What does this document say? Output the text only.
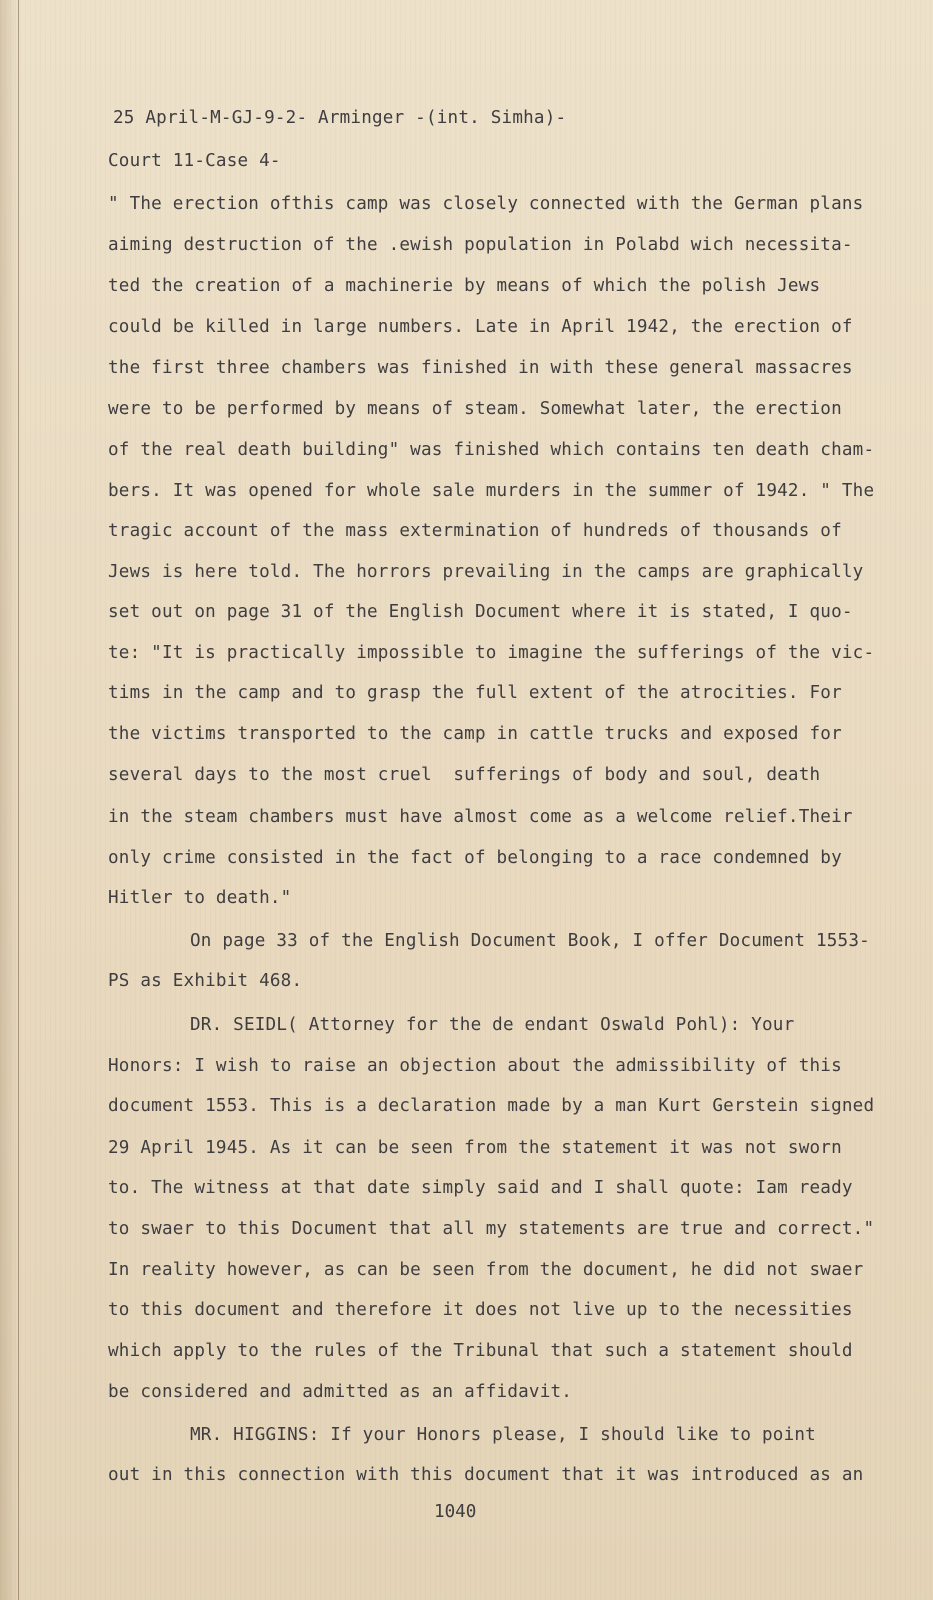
25 April-M-GJ-9-2- Arminger -(int. Simha)-
Court 11-Case 4-
" The erection ofthis camp was closely connected with the German plans
aiming destruction of the .ewish population in Polabd wich necessita-
ted the creation of a machinerie by means of which the polish Jews
could be killed in large numbers. Late in April 1942, the erection of
the first three chambers was finished in with these general massacres
were to be performed by means of steam. Somewhat later, the erection
of the real death building" was finished which contains ten death cham-
bers. It was opened for whole sale murders in the summer of 1942. " The
tragic account of the mass extermination of hundreds of thousands of
Jews is here told. The horrors prevailing in the camps are graphically
set out on page 31 of the English Document where it is stated, I quo-
te: "It is practically impossible to imagine the sufferings of the vic-
tims in the camp and to grasp the full extent of the atrocities. For
the victims transported to the camp in cattle trucks and exposed for
several days to the most cruel  sufferings of body and soul, death
in the steam chambers must have almost come as a welcome relief.Their
only crime consisted in the fact of belonging to a race condemned by
Hitler to death."
On page 33 of the English Document Book, I offer Document 1553-
PS as Exhibit 468.
DR. SEIDL( Attorney for the de endant Oswald Pohl): Your
Honors: I wish to raise an objection about the admissibility of this
document 1553. This is a declaration made by a man Kurt Gerstein signed
29 April 1945. As it can be seen from the statement it was not sworn
to. The witness at that date simply said and I shall quote: Iam ready
to swaer to this Document that all my statements are true and correct."
In reality however, as can be seen from the document, he did not swaer
to this document and therefore it does not live up to the necessities
which apply to the rules of the Tribunal that such a statement should
be considered and admitted as an affidavit.
MR. HIGGINS: If your Honors please, I should like to point
out in this connection with this document that it was introduced as an
1040
